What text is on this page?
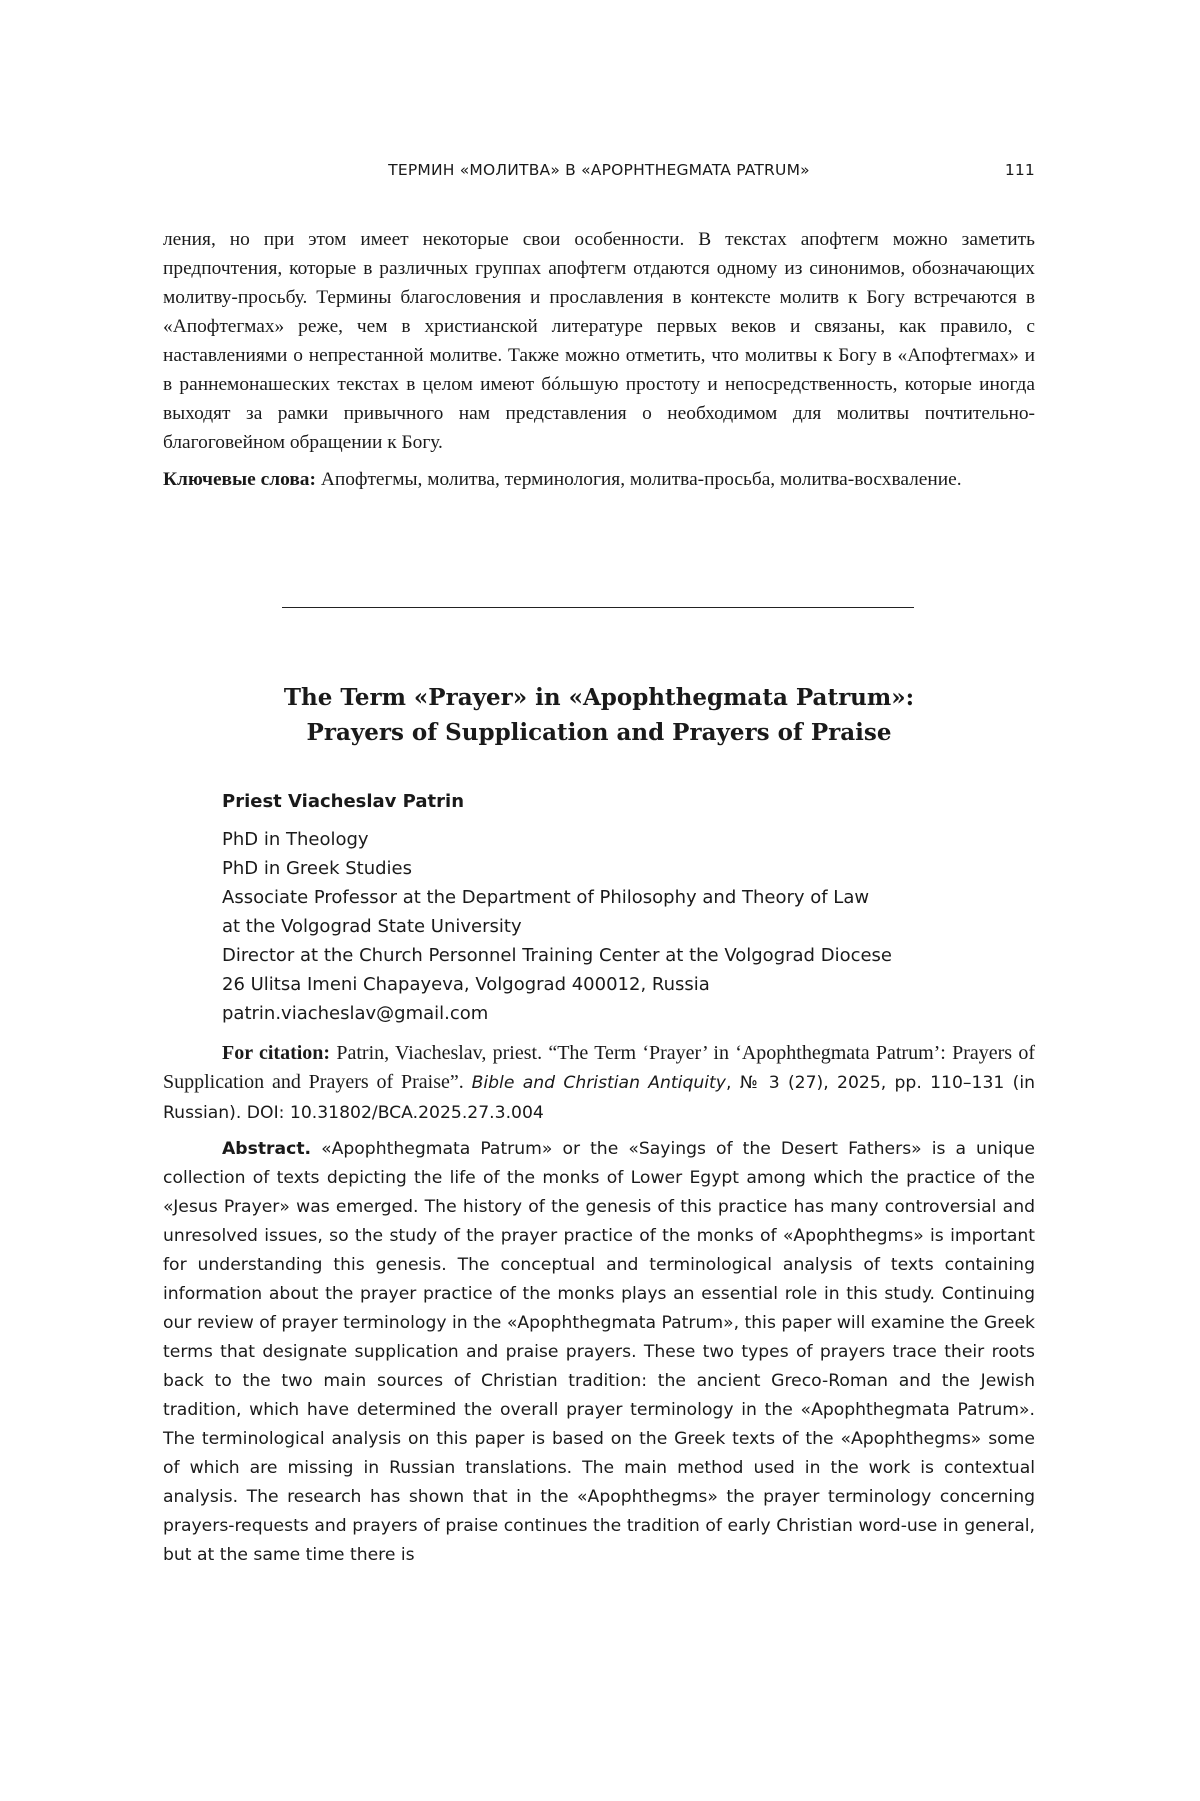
ТЕРМИН «МОЛИТВА» В «APOPHTHEGMATA PATRUM»	111

ления, но при этом имеет некоторые свои особенности. В текстах апофтегм можно заметить предпочтения, которые в различных группах апофтегм отдаются одному из синонимов, обозначающих молитву-просьбу. Термины благословения и прославления в контексте молитв к Богу встречаются в «Апофтегмах» реже, чем в христианской литературе первых веков и связаны, как правило, с наставлениями о непрестанной молитве. Также можно отметить, что молитвы к Богу в «Апофтегмах» и в раннемонашеских текстах в целом имеют бóльшую простоту и непосредственность, которые иногда выходят за рамки привычного нам представления о необходимом для молитвы почтительно-благоговейном обращении к Богу.

Ключевые слова: Апофтегмы, молитва, терминология, молитва-просьба, молитва-восхваление.

The Term «Prayer» in «Apophthegmata Patrum»:
Prayers of Supplication and Prayers of Praise
Priest Viacheslav Patrin
PhD in Theology
PhD in Greek Studies
Associate Professor at the Department of Philosophy and Theory of Law
at the Volgograd State University
Director at the Church Personnel Training Center at the Volgograd Diocese
26 Ulitsa Imeni Chapayeva, Volgograd 400012, Russia
patrin.viacheslav@gmail.com
For citation: Patrin, Viacheslav, priest. “The Term ‘Prayer’ in ‘Apophthegmata Patrum’: Prayers of Supplication and Prayers of Praise”. Bible and Christian Antiquity, № 3 (27), 2025, pp. 110–131 (in Russian). DOI: 10.31802/BCA.2025.27.3.004
Abstract. «Apophthegmata Patrum» or the «Sayings of the Desert Fathers» is a unique collection of texts depicting the life of the monks of Lower Egypt among which the practice of the «Jesus Prayer» was emerged. The history of the genesis of this practice has many controversial and unresolved issues, so the study of the prayer practice of the monks of «Apophthegms» is important for understanding this genesis. The conceptual and terminological analysis of texts containing information about the prayer practice of the monks plays an essential role in this study. Continuing our review of prayer terminology in the «Apophthegmata Patrum», this paper will examine the Greek terms that designate supplication and praise prayers. These two types of prayers trace their roots back to the two main sources of Christian tradition: the ancient Greco-Roman and the Jewish tradition, which have determined the overall prayer terminology in the «Apophthegmata Patrum». The terminological analysis on this paper is based on the Greek texts of the «Apophthegms» some of which are missing in Russian translations. The main method used in the work is contextual analysis. The research has shown that in the «Apophthegms» the prayer terminology concerning prayers-requests and prayers of praise continues the tradition of early Christian word-use in general, but at the same time there is
